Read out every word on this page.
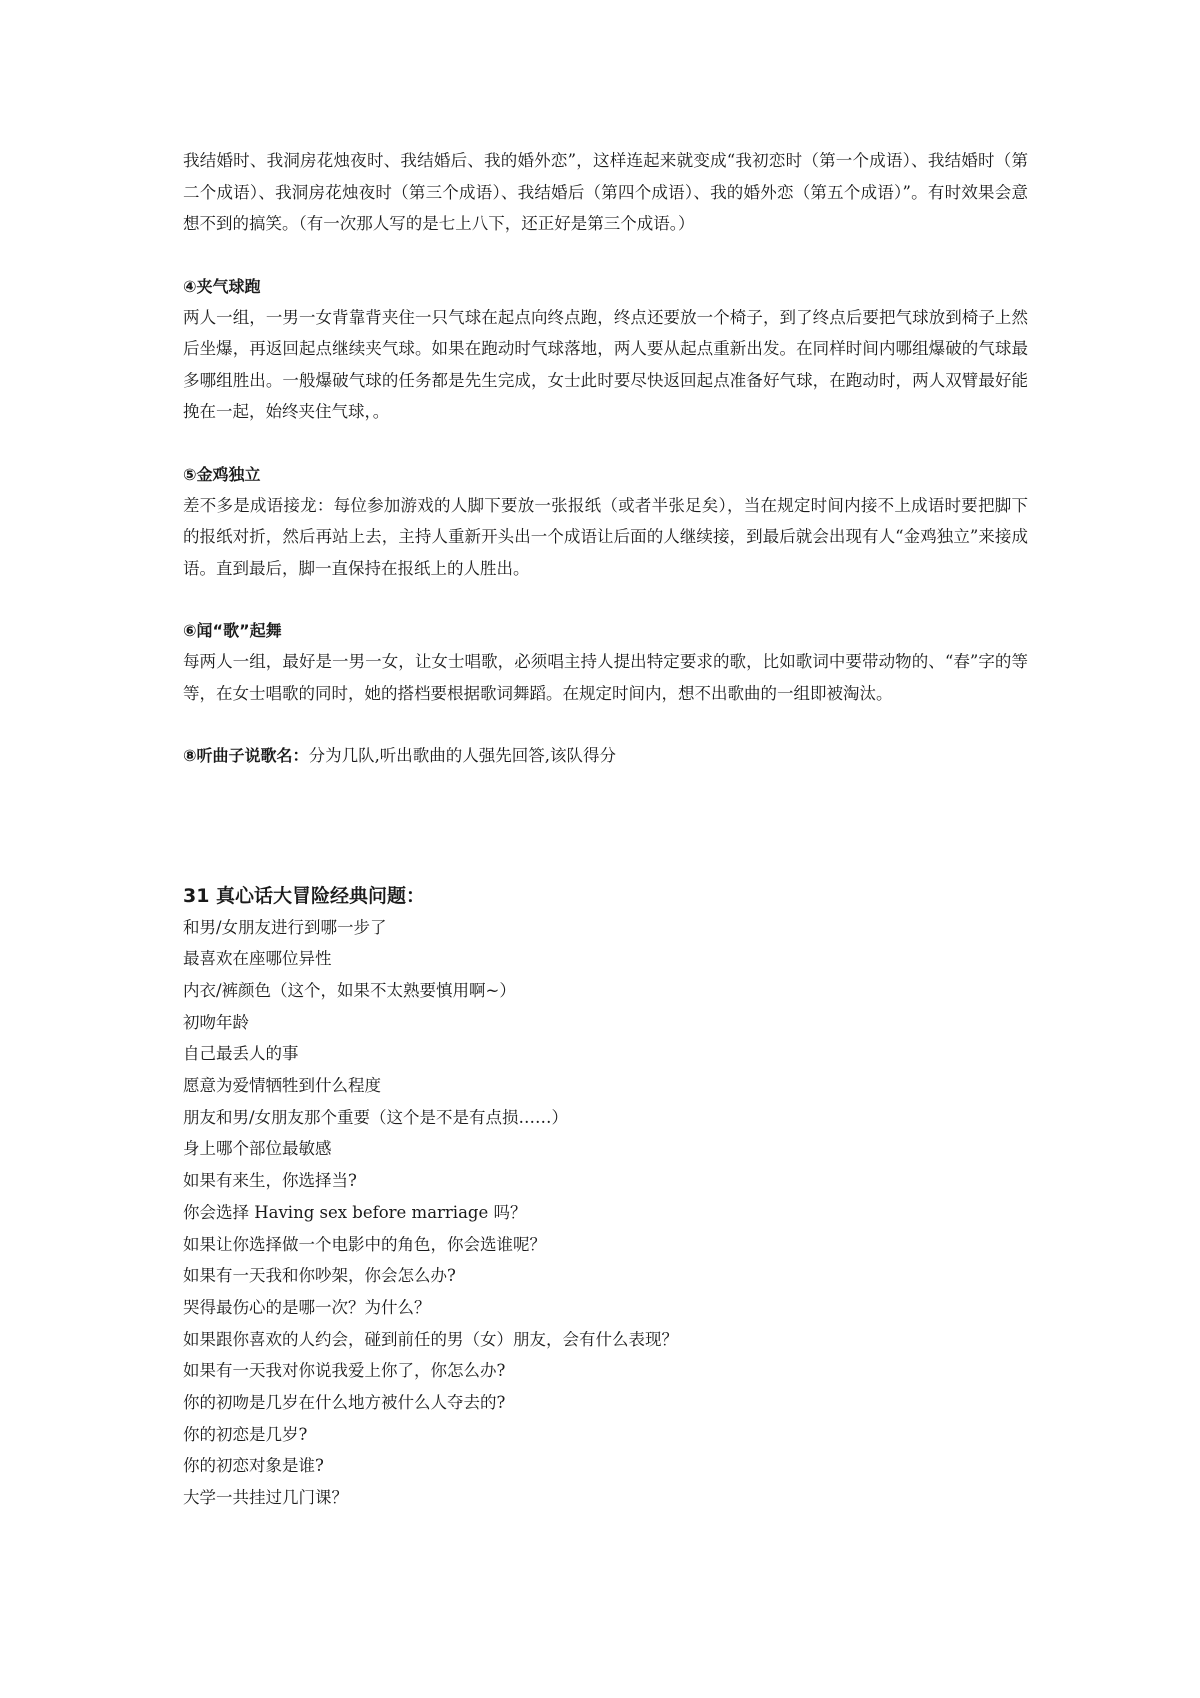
我结婚时、我洞房花烛夜时、我结婚后、我的婚外恋”，这样连起来就变成“我初恋时（第一个成语）、我结婚时（第二个成语）、我洞房花烛夜时（第三个成语）、我结婚后（第四个成语）、我的婚外恋（第五个成语）”。有时效果会意想不到的搞笑。（有一次那人写的是七上八下，还正好是第三个成语。）

④夹气球跑

两人一组，一男一女背靠背夹住一只气球在起点向终点跑，终点还要放一个椅子，到了终点后要把气球放到椅子上然后坐爆，再返回起点继续夹气球。如果在跑动时气球落地，两人要从起点重新出发。在同样时间内哪组爆破的气球最多哪组胜出。一般爆破气球的任务都是先生完成，女士此时要尽快返回起点准备好气球，在跑动时，两人双臂最好能挽在一起，始终夹住气球，。

⑤金鸡独立

差不多是成语接龙：每位参加游戏的人脚下要放一张报纸（或者半张足矣），当在规定时间内接不上成语时要把脚下的报纸对折，然后再站上去，主持人重新开头出一个成语让后面的人继续接，到最后就会出现有人“金鸡独立”来接成语。直到最后，脚一直保持在报纸上的人胜出。

⑥闻“歌”起舞

每两人一组，最好是一男一女，让女士唱歌，必须唱主持人提出特定要求的歌，比如歌词中要带动物的、“春”字的等等，在女士唱歌的同时，她的搭档要根据歌词舞蹈。在规定时间内，想不出歌曲的一组即被淘汰。

⑧听曲子说歌名：分为几队,听出歌曲的人强先回答,该队得分

31 真心话大冒险经典问题：

和男/女朋友进行到哪一步了
最喜欢在座哪位异性
内衣/裤颜色（这个，如果不太熟要慎用啊~）
初吻年龄
自己最丢人的事
愿意为爱情牺牲到什么程度
朋友和男/女朋友那个重要（这个是不是有点损……）
身上哪个部位最敏感
如果有来生，你选择当?
你会选择 Having sex before marriage 吗？
如果让你选择做一个电影中的角色，你会选谁呢？
如果有一天我和你吵架，你会怎么办?
哭得最伤心的是哪一次？为什么？
如果跟你喜欢的人约会，碰到前任的男（女）朋友，会有什么表现？
如果有一天我对你说我爱上你了，你怎么办?
你的初吻是几岁在什么地方被什么人夺去的?
你的初恋是几岁?
你的初恋对象是谁?
大学一共挂过几门课？
